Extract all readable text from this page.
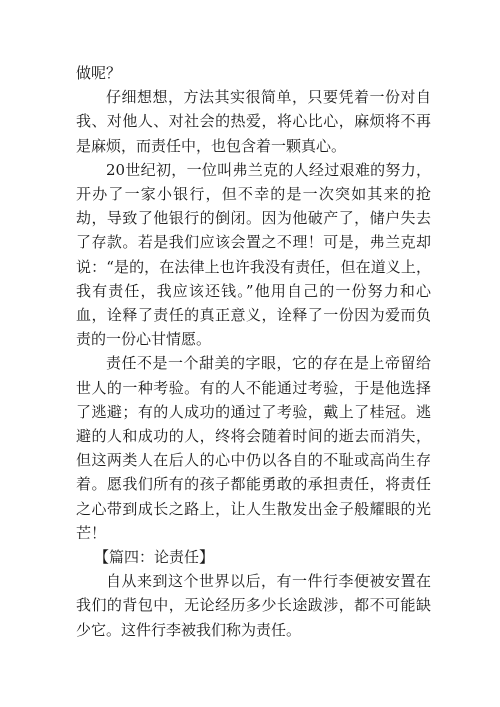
做呢？

仔细想想，方法其实很简单，只要凭着一份对自我、对他人、对社会的热爱，将心比心，麻烦将不再是麻烦，而责任中，也包含着一颗真心。

20世纪初，一位叫弗兰克的人经过艰难的努力，开办了一家小银行，但不幸的是一次突如其来的抢劫，导致了他银行的倒闭。因为他破产了，储户失去了存款。若是我们应该会置之不理！可是，弗兰克却说：“是的，在法律上也许我没有责任，但在道义上，我有责任，我应该还钱。”他用自己的一份努力和心血，诠释了责任的真正意义，诠释了一份因为爱而负责的一份心甘情愿。

责任不是一个甜美的字眼，它的存在是上帝留给世人的一种考验。有的人不能通过考验，于是他选择了逃避；有的人成功的通过了考验，戴上了桂冠。逃避的人和成功的人，终将会随着时间的逝去而消失，但这两类人在后人的心中仍以各自的不耻或高尚生存着。愿我们所有的孩子都能勇敢的承担责任，将责任之心带到成长之路上，让人生散发出金子般耀眼的光芒！

【篇四：论责任】

自从来到这个世界以后，有一件行李便被安置在我们的背包中，无论经历多少长途跋涉，都不可能缺少它。这件行李被我们称为责任。
